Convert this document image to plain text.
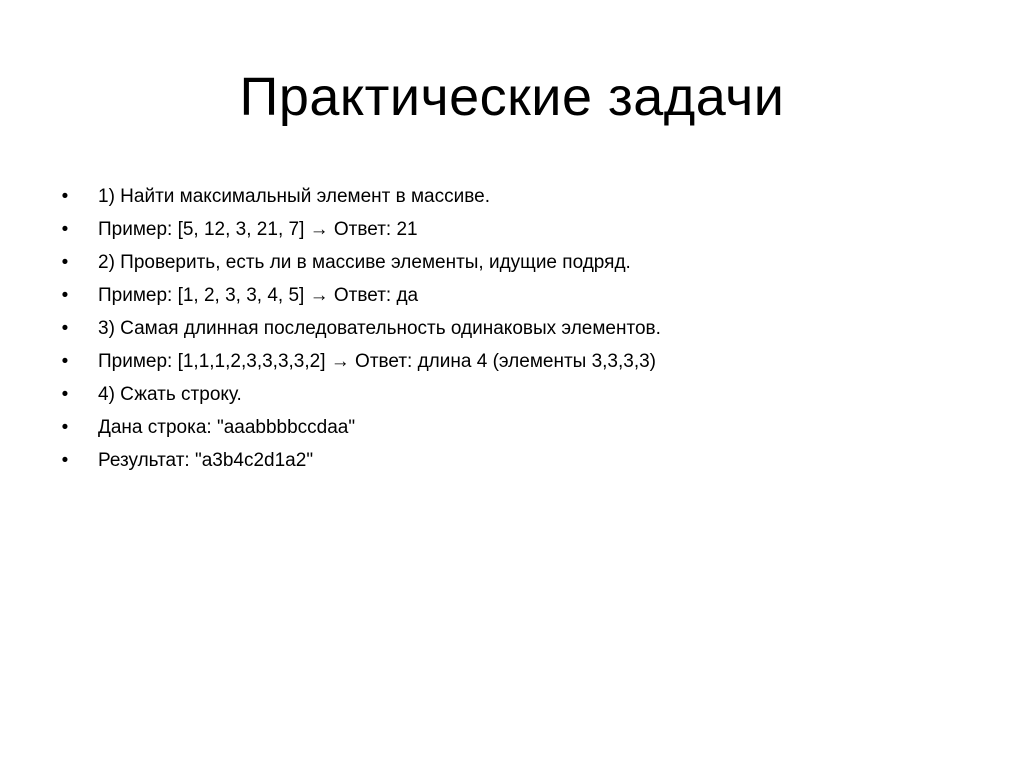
Практические задачи
• 1) Найти максимальный элемент в массиве.
• Пример: [5, 12, 3, 21, 7] → Ответ: 21
• 2) Проверить, есть ли в массиве элементы, идущие подряд.
• Пример: [1, 2, 3, 3, 4, 5] → Ответ: да
• 3) Самая длинная последовательность одинаковых элементов.
• Пример: [1,1,1,2,3,3,3,3,2] → Ответ: длина 4 (элементы 3,3,3,3)
• 4) Сжать строку.
• Дана строка: "aaabbbbccdaa"
• Результат: "a3b4c2d1a2"
